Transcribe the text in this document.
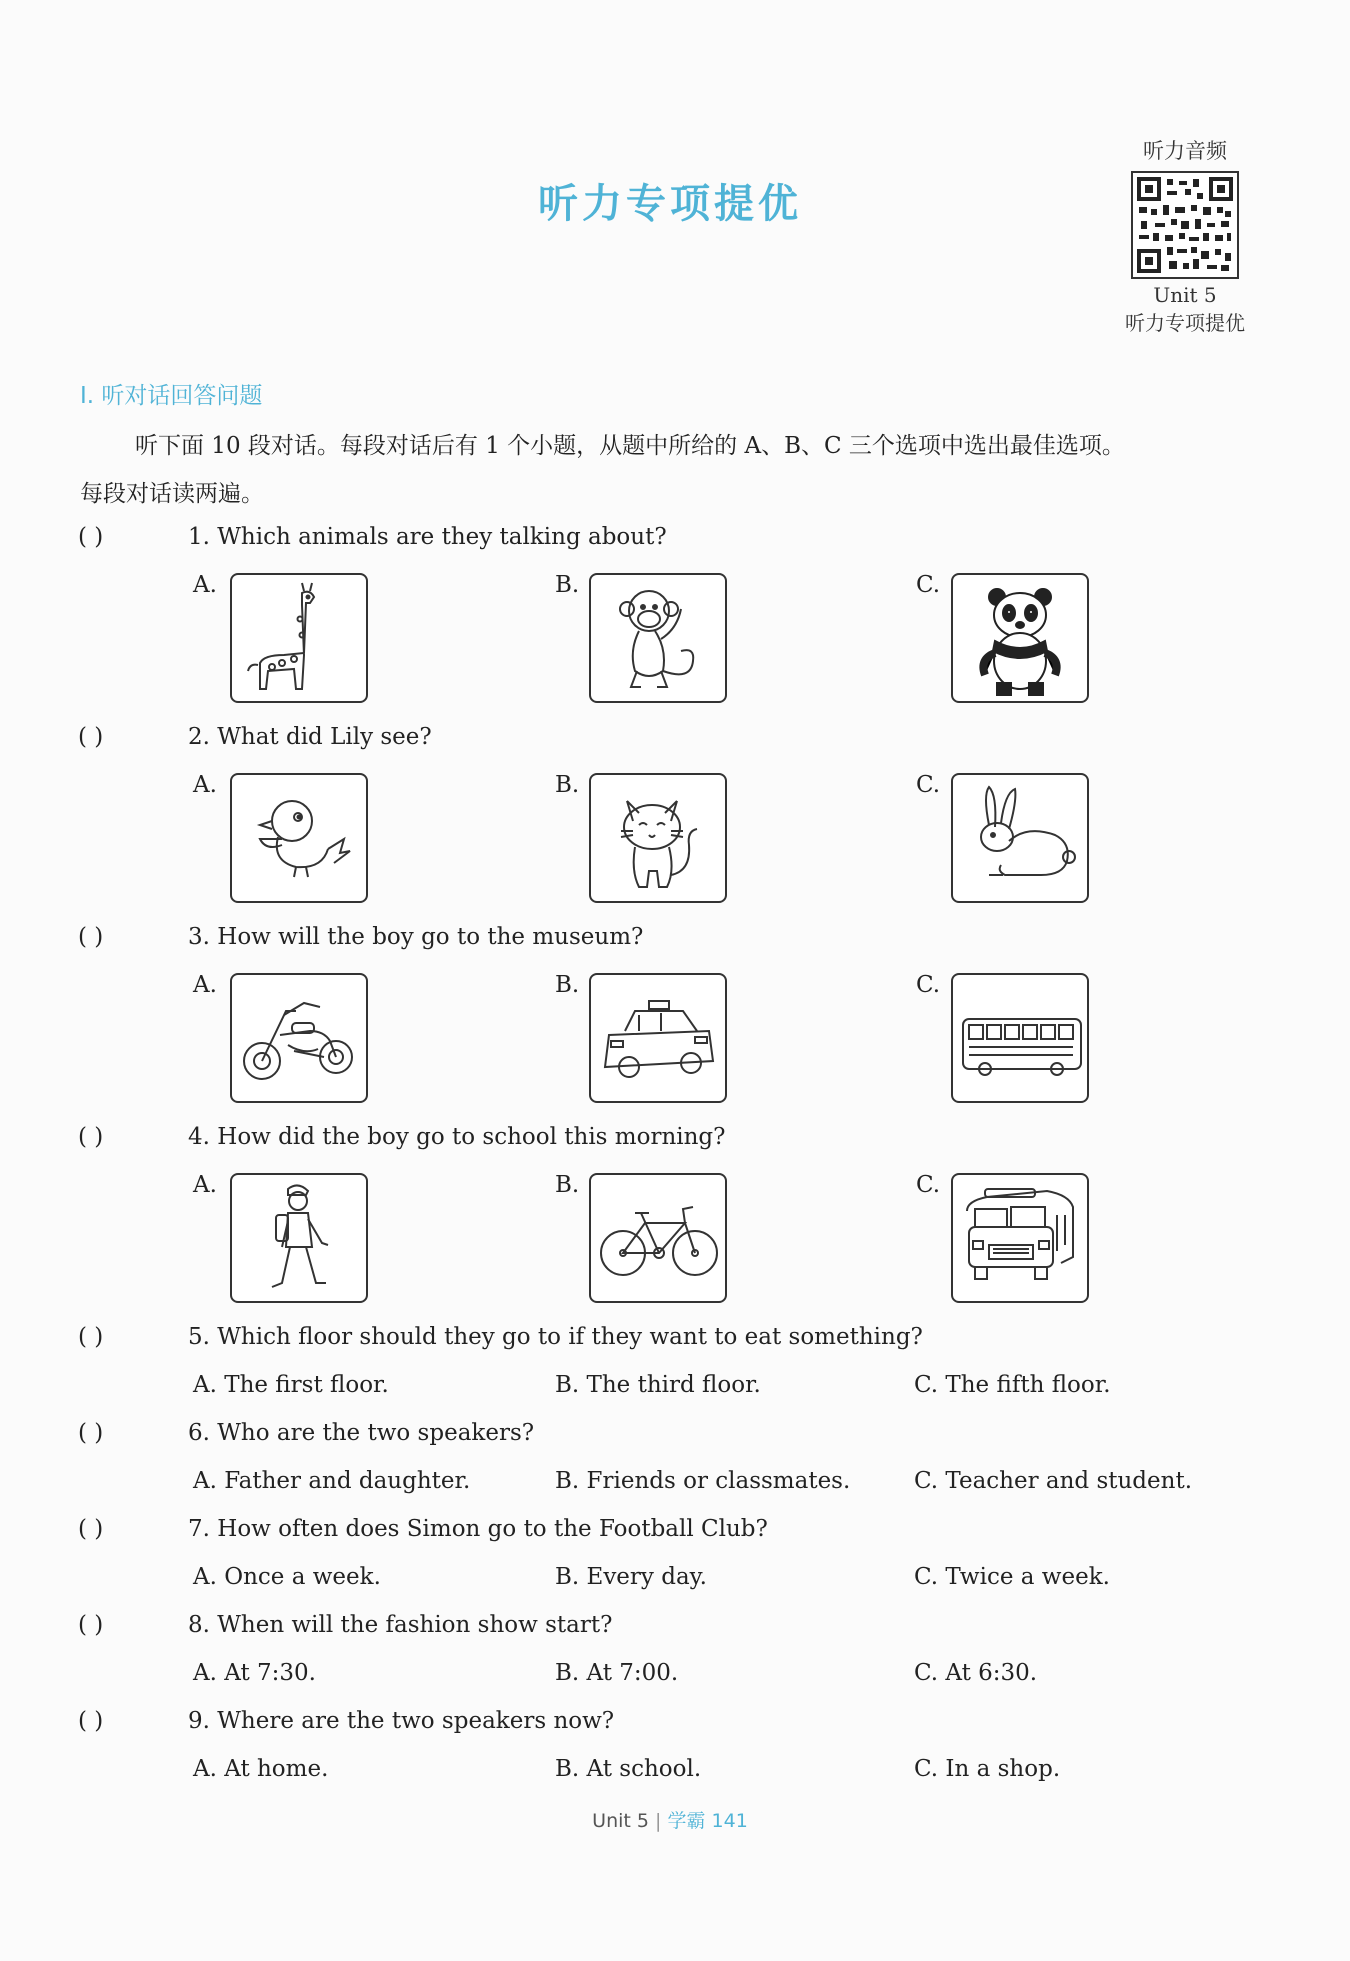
听力专项提优
听力音频
Unit 5
听力专项提优
Ⅰ. 听对话回答问题
听下面 10 段对话。每段对话后有 1 个小题，从题中所给的 A、B、C 三个选项中选出最佳选项。
每段对话读两遍。
( )	1. Which animals are they talking about?
A.	B.	C.
( )	2. What did Lily see?
A.	B.	C.
( )	3. How will the boy go to the museum?
A.	B.	C.
( )	4. How did the boy go to school this morning?
A.	B.	C.
( )	5. Which floor should they go to if they want to eat something?
A. The first floor.	B. The third floor.	C. The fifth floor.
( )	6. Who are the two speakers?
A. Father and daughter.	B. Friends or classmates.	C. Teacher and student.
( )	7. How often does Simon go to the Football Club?
A. Once a week.	B. Every day.	C. Twice a week.
( )	8. When will the fashion show start?
A. At 7:30.	B. At 7:00.	C. At 6:30.
( )	9. Where are the two speakers now?
A. At home.	B. At school.	C. In a shop.
Unit 5 | 学霸 141
